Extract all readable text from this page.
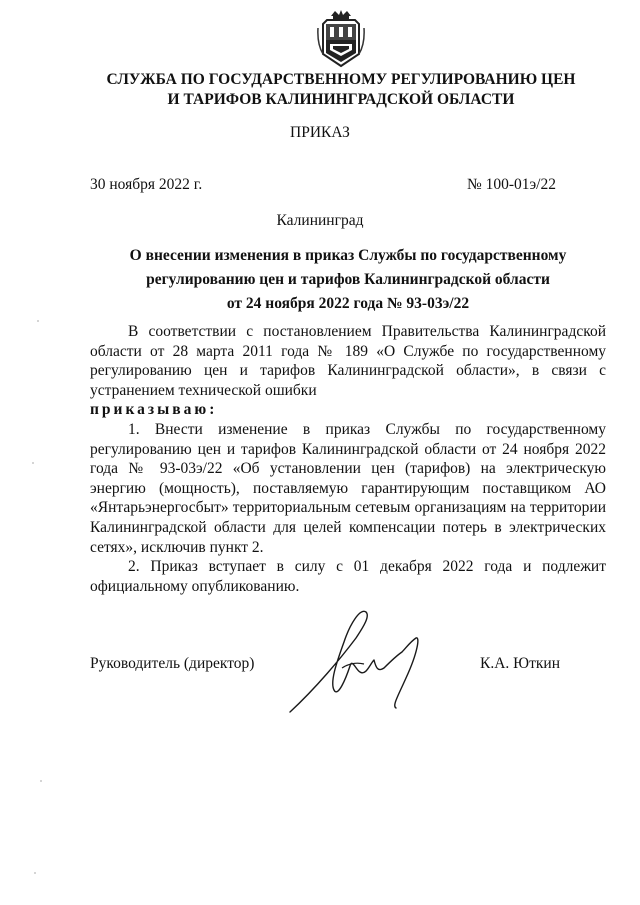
СЛУЖБА ПО ГОСУДАРСТВЕННОМУ РЕГУЛИРОВАНИЮ ЦЕН
И ТАРИФОВ КАЛИНИНГРАДСКОЙ ОБЛАСТИ
ПРИКАЗ
30 ноября 2022 г.	№ 100-01э/22
Калининград
О внесении изменения в приказ Службы по государственному
регулированию цен и тарифов Калининградской области
от 24 ноября 2022 года № 93-03э/22

В соответствии с постановлением Правительства Калининградской области от 28 марта 2011 года № 189 «О Службе по государственному регулированию цен и тарифов Калининградской области», в связи с устранением технической ошибки

приказываю:

1. Внести изменение в приказ Службы по государственному регулированию цен и тарифов Калининградской области от 24 ноября 2022 года № 93-03э/22 «Об установлении цен (тарифов) на электрическую энергию (мощность), поставляемую гарантирующим поставщиком АО «Янтарьэнергосбыт» территориальным сетевым организациям на территории Калининградской области для целей компенсации потерь в электрических сетях», исключив пункт 2.

2. Приказ вступает в силу с 01 декабря 2022 года и подлежит официальному опубликованию.

Руководитель (директор)	К.А. Юткин
